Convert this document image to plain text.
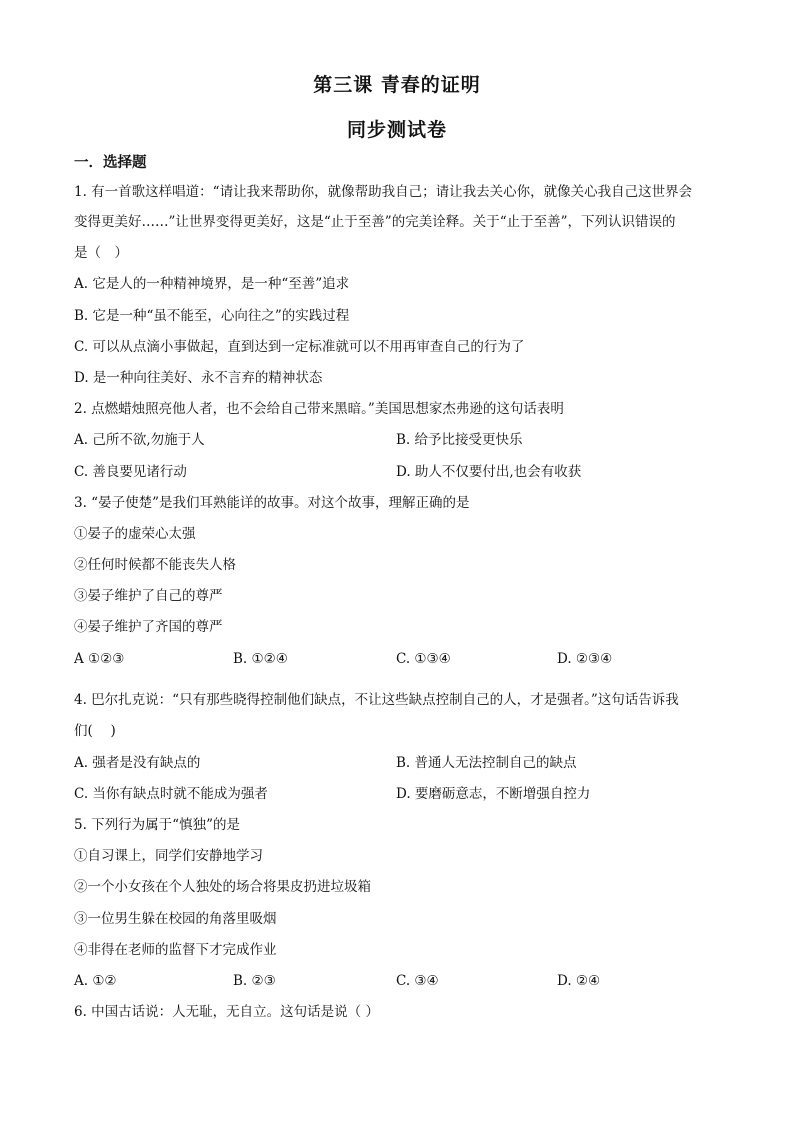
第三课 青春的证明
同步测试卷
一．选择题
1. 有一首歌这样唱道：“请让我来帮助你，就像帮助我自己；请让我去关心你，就像关心我自己这世界会
变得更美好……”让世界变得更美好，这是“止于至善”的完美诠释。关于“止于至善”，下列认识错误的
是（　）
A. 它是人的一种精神境界，是一种“至善”追求
B. 它是一种“虽不能至，心向往之”的实践过程
C. 可以从点滴小事做起，直到达到一定标准就可以不用再审查自己的行为了
D. 是一种向往美好、永不言弃的精神状态
2. 点燃蜡烛照亮他人者，也不会给自己带来黑暗。”美国思想家杰弗逊的这句话表明
A. 己所不欲,勿施于人	B. 给予比接受更快乐
C. 善良要见诸行动	D. 助人不仅要付出,也会有收获
3. “晏子使楚”是我们耳熟能详的故事。对这个故事，理解正确的是
①晏子的虚荣心太强
②任何时候都不能丧失人格
③晏子维护了自己的尊严
④晏子维护了齐国的尊严
A ①②③	B. ①②④	C. ①③④	D. ②③④
4. 巴尔扎克说：“只有那些晓得控制他们缺点，不让这些缺点控制自己的人，才是强者。”这句话告诉我
们(　 )
A. 强者是没有缺点的	B. 普通人无法控制自己的缺点
C. 当你有缺点时就不能成为强者	D. 要磨砺意志，不断增强自控力
5. 下列行为属于“慎独”的是
①自习课上，同学们安静地学习
②一个小女孩在个人独处的场合将果皮扔进垃圾箱
③一位男生躲在校园的角落里吸烟
④非得在老师的监督下才完成作业
A. ①②	B. ②③	C. ③④	D. ②④
6. 中国古话说：人无耻，无自立。这句话是说（ ）
